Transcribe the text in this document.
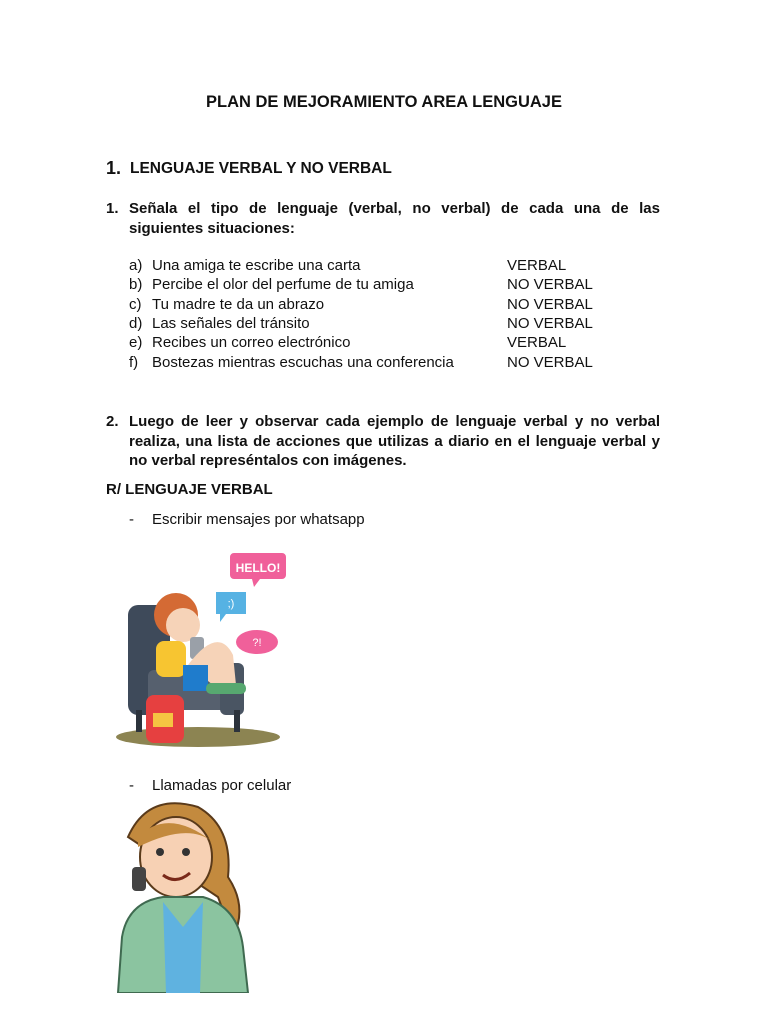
PLAN DE MEJORAMIENTO AREA LENGUAJE
1. LENGUAJE VERBAL Y NO VERBAL
1. Señala el tipo de lenguaje (verbal, no verbal) de cada una de las siguientes situaciones:
a) Una amiga te escribe una carta	VERBAL
b) Percibe el olor del perfume de tu amiga	NO VERBAL
c) Tu madre te da un abrazo	NO VERBAL
d) Las señales del tránsito	NO VERBAL
e) Recibes un correo electrónico	VERBAL
f) Bostezas mientras escuchas una conferencia	NO VERBAL
2. Luego de leer y observar cada ejemplo de lenguaje verbal y no verbal realiza, una lista de acciones que utilizas a diario en el lenguaje verbal y no verbal represéntalos con imágenes.
R/ LENGUAJE VERBAL
- Escribir mensajes por whatsapp
HELLO!
;)
?!
- Llamadas por celular
